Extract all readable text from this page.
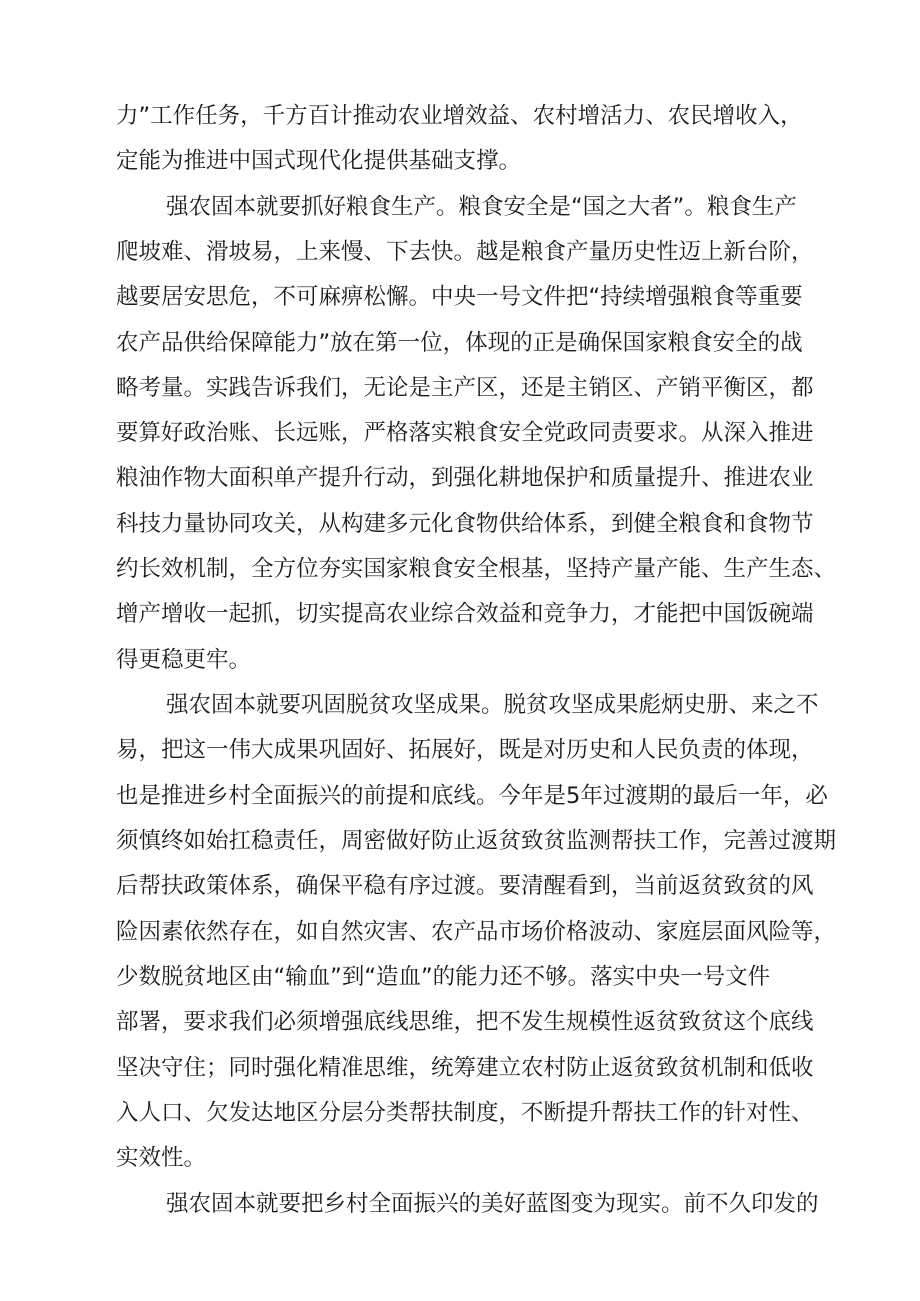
力”工作任务，千方百计推动农业增效益、农村增活力、农民增收入，
定能为推进中国式现代化提供基础支撑。
强农固本就要抓好粮食生产。粮食安全是“国之大者”。粮食生产
爬坡难、滑坡易，上来慢、下去快。越是粮食产量历史性迈上新台阶，
越要居安思危，不可麻痹松懈。中央一号文件把“持续增强粮食等重要
农产品供给保障能力”放在第一位，体现的正是确保国家粮食安全的战
略考量。实践告诉我们，无论是主产区，还是主销区、产销平衡区，都
要算好政治账、长远账，严格落实粮食安全党政同责要求。从深入推进
粮油作物大面积单产提升行动，到强化耕地保护和质量提升、推进农业
科技力量协同攻关，从构建多元化食物供给体系，到健全粮食和食物节
约长效机制，全方位夯实国家粮食安全根基，坚持产量产能、生产生态、
增产增收一起抓，切实提高农业综合效益和竞争力，才能把中国饭碗端
得更稳更牢。
强农固本就要巩固脱贫攻坚成果。脱贫攻坚成果彪炳史册、来之不
易，把这一伟大成果巩固好、拓展好，既是对历史和人民负责的体现，
也是推进乡村全面振兴的前提和底线。今年是5年过渡期的最后一年，必
须慎终如始扛稳责任，周密做好防止返贫致贫监测帮扶工作，完善过渡期
后帮扶政策体系，确保平稳有序过渡。要清醒看到，当前返贫致贫的风
险因素依然存在，如自然灾害、农产品市场价格波动、家庭层面风险等，
少数脱贫地区由“输血”到“造血”的能力还不够。落实中央一号文件
部署，要求我们必须增强底线思维，把不发生规模性返贫致贫这个底线
坚决守住；同时强化精准思维，统筹建立农村防止返贫致贫机制和低收
入人口、欠发达地区分层分类帮扶制度，不断提升帮扶工作的针对性、
实效性。
强农固本就要把乡村全面振兴的美好蓝图变为现实。前不久印发的
